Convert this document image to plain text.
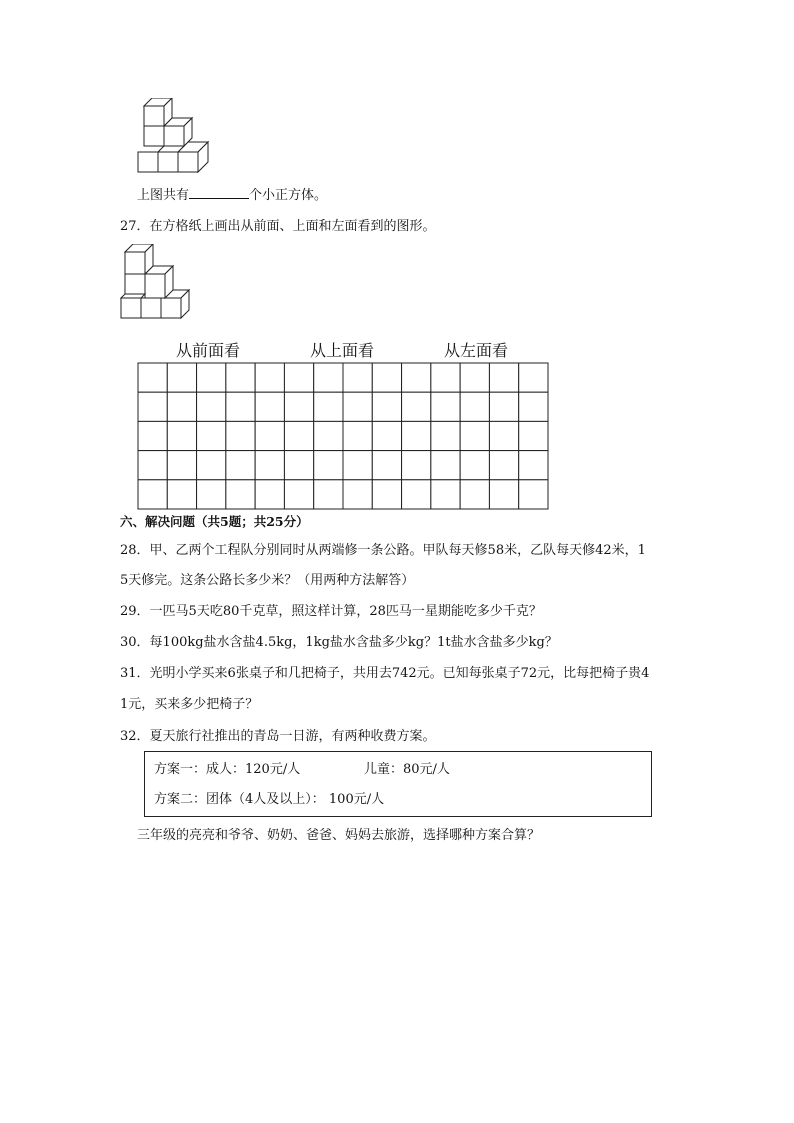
上图共有	个小正方体。
27．在方格纸上画出从前面、上面和左面看到的图形。
从前面看	从上面看	从左面看
六、解决问题（共5题；共25分）
28．甲、乙两个工程队分别同时从两端修一条公路。甲队每天修58米，乙队每天修42米，1
5天修完。这条公路长多少米？（用两种方法解答）
29．一匹马5天吃80千克草，照这样计算，28匹马一星期能吃多少千克？
30．每100kg盐水含盐4.5kg，1kg盐水含盐多少kg？1t盐水含盐多少kg？
31．光明小学买来6张桌子和几把椅子，共用去742元。已知每张桌子72元，比每把椅子贵4
1元，买来多少把椅子？
32．夏天旅行社推出的青岛一日游，有两种收费方案。
方案一：成人：120元/人	儿童：80元/人
方案二：团体（4人及以上）： 100元/人
三年级的亮亮和爷爷、奶奶、爸爸、妈妈去旅游，选择哪种方案合算？
